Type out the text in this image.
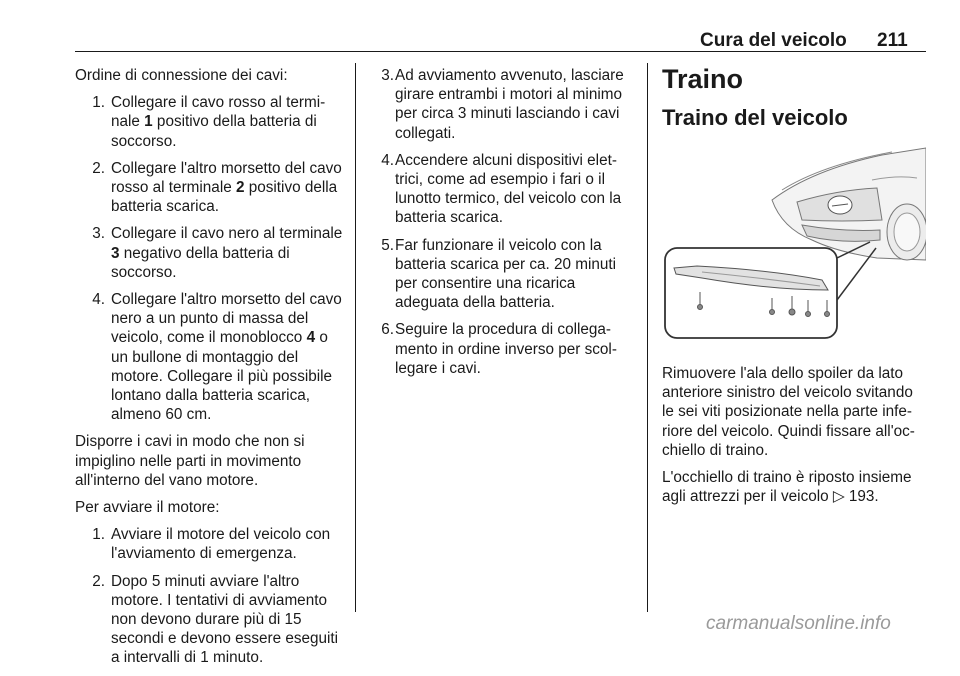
Cura del veicolo 211

Ordine di connessione dei cavi:

1. Collegare il cavo rosso al termi‐nale 1 positivo della batteria di soccorso.
2. Collegare l'altro morsetto del cavo rosso al terminale 2 positivo della batteria scarica.
3. Collegare il cavo nero al terminale 3 negativo della batteria di soccorso.
4. Collegare l'altro morsetto del cavo nero a un punto di massa del veicolo, come il monoblocco 4 o un bullone di montaggio del motore. Collegare il più possibile lontano dalla batteria scarica, almeno 60 cm.

Disporre i cavi in modo che non si impiglino nelle parti in movimento all'interno del vano motore.

Per avviare il motore:

1. Avviare il motore del veicolo con l'avviamento di emergenza.
2. Dopo 5 minuti avviare l'altro motore. I tentativi di avviamento non devono durare più di 15 secondi e devono essere eseguiti a intervalli di 1 minuto.
3. Ad avviamento avvenuto, lasciare girare entrambi i motori al minimo per circa 3 minuti lasciando i cavi collegati.
4. Accendere alcuni dispositivi elet‐trici, come ad esempio i fari o il lunotto termico, del veicolo con la batteria scarica.
5. Far funzionare il veicolo con la batteria scarica per ca. 20 minuti per consentire una ricarica adeguata della batteria.
6. Seguire la procedura di collega‐mento in ordine inverso per scol‐legare i cavi.
Traino
Traino del veicolo

Rimuovere l'ala dello spoiler da lato anteriore sinistro del veicolo svitando le sei viti posizionate nella parte infe‐riore del veicolo. Quindi fissare all'oc‐chiello di traino.

L'occhiello di traino è riposto insieme agli attrezzi per il veicolo ▷ 193.

carmanualsonline.info
